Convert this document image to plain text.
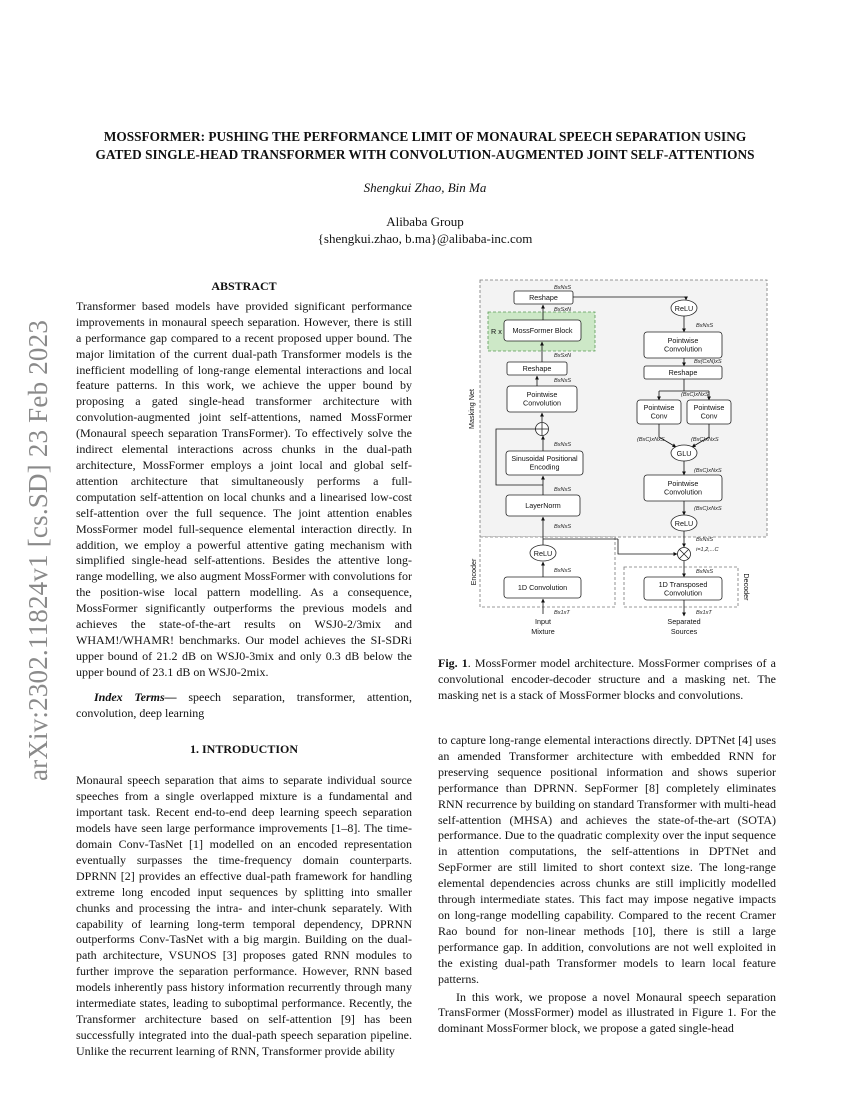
arXiv:2302.11824v1 [cs.SD] 23 Feb 2023
MOSSFORMER: PUSHING THE PERFORMANCE LIMIT OF MONAURAL SPEECH SEPARATION USING
GATED SINGLE-HEAD TRANSFORMER WITH CONVOLUTION-AUGMENTED JOINT SELF-ATTENTIONS
Shengkui Zhao, Bin Ma
Alibaba Group
{shengkui.zhao, b.ma}@alibaba-inc.com
ABSTRACT

Transformer based models have provided significant performance improvements in monaural speech separation. However, there is still a performance gap compared to a recent proposed upper bound. The major limitation of the current dual-path Transformer models is the inefficient modelling of long-range elemental interactions and local feature patterns. In this work, we achieve the upper bound by proposing a gated single-head transformer architecture with convolution-augmented joint self-attentions, named MossFormer (Monaural speech separation TransFormer). To effectively solve the indirect elemental interactions across chunks in the dual-path architecture, MossFormer employs a joint local and global self-attention architecture that simultaneously performs a full-computation self-attention on local chunks and a linearised low-cost self-attention over the full sequence. The joint attention enables MossFormer model full-sequence elemental interaction directly. In addition, we employ a powerful attentive gating mechanism with simplified single-head self-attentions. Besides the attentive long-range modelling, we also augment MossFormer with convolutions for the position-wise local pattern modelling. As a consequence, MossFormer significantly outperforms the previous models and achieves the state-of-the-art results on WSJ0-2/3mix and WHAM!/WHAMR! benchmarks. Our model achieves the SI-SDRi upper bound of 21.2 dB on WSJ0-3mix and only 0.3 dB below the upper bound of 23.1 dB on WSJ0-2mix.

Index Terms— speech separation, transformer, attention, convolution, deep learning

1. INTRODUCTION

Monaural speech separation that aims to separate individual source speeches from a single overlapped mixture is a fundamental and important task. Recent end-to-end deep learning speech separation models have seen large performance improvements [1–8]. The time-domain Conv-TasNet [1] modelled on an encoded representation eventually surpasses the time-frequency domain counterparts. DPRNN [2] provides an effective dual-path framework for handling extreme long encoded input sequences by splitting into smaller chunks and processing the intra- and inter-chunk separately. With capability of learning long-term temporal dependency, DPRNN outperforms Conv-TasNet with a big margin. Building on the dual-path architecture, VSUNOS [3] proposes gated RNN modules to further improve the separation performance. However, RNN based models inherently pass history information recurrently through many intermediate states, leading to suboptimal performance. Recently, the Transformer architecture based on self-attention [9] has been successfully integrated into the dual-path speech separation pipeline. Unlike the recurrent learning of RNN, Transformer provide ability

Masking Net
Reshape
BxNxS
BxSxN
R x MossFormer Block
BxSxN
Reshape
BxNxS
Pointwise Convolution
BxNxS
Sinusoidal Positional Encoding
BxNxS
LayerNorm
BxNxS
Encoder
ReLU
BxNxS
1D Convolution
Bx1xT
Input Mixture
ReLU
BxNxS
Pointwise Convolution
Bx(CxN)xS
Reshape
(BxC)xNxS
Pointwise Conv
Pointwise Conv
(BxC)xNxS	(BxC)xNxS
GLU
(BxC)xNxS
Pointwise Convolution
(BxC)xNxS
ReLU
BxNxS
i=1,2,...C
Decoder
BxNxS
1D Transposed Convolution
Bx1xT
Separated Sources
Fig. 1. MossFormer model architecture. MossFormer comprises of a convolutional encoder-decoder structure and a masking net. The masking net is a stack of MossFormer blocks and convolutions.

to capture long-range elemental interactions directly. DPTNet [4] uses an amended Transformer architecture with embedded RNN for preserving sequence positional information and shows superior performance than DPRNN. SepFormer [8] completely eliminates RNN recurrence by building on standard Transformer with multi-head self-attention (MHSA) and achieves the state-of-the-art (SOTA) performance. Due to the quadratic complexity over the input sequence in attention computations, the self-attentions in DPTNet and SepFormer are still limited to short context size. The long-range elemental dependencies across chunks are still implicitly modelled through intermediate states. This fact may impose negative impacts on long-range modelling capability. Compared to the recent Cramer Rao bound for non-linear methods [10], there is still a large performance gap. In addition, convolutions are not well exploited in the existing dual-path Transformer models to learn local feature patterns.

In this work, we propose a novel Monaural speech separation TransFormer (MossFormer) model as illustrated in Figure 1. For the dominant MossFormer block, we propose a gated single-head
